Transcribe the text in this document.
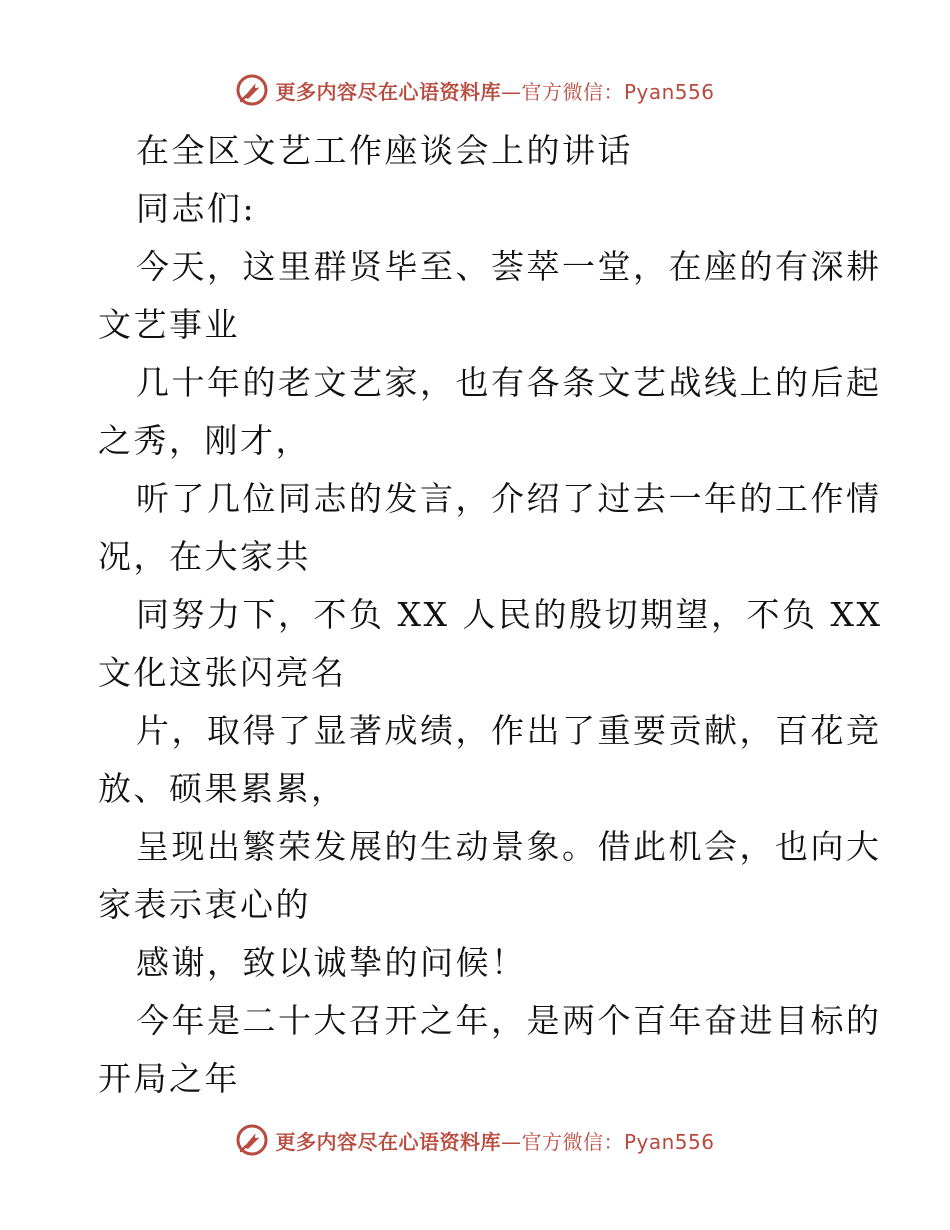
更多内容尽在心语资料库 —官方微信：Pyan556

在全区文艺工作座谈会上的讲话

同志们:

今天，这里群贤毕至、荟萃一堂，在座的有深耕
文艺事业

几十年的老文艺家，也有各条文艺战线上的后起
之秀，刚才，

听了几位同志的发言，介绍了过去一年的工作情
况，在大家共

同努力下，不负 XX 人民的殷切期望，不负 XX
文化这张闪亮名

片，取得了显著成绩，作出了重要贡献，百花竞
放、硕果累累，

呈现出繁荣发展的生动景象。借此机会，也向大
家表示衷心的

感谢，致以诚挚的问候！

今年是二十大召开之年，是两个百年奋进目标的
开局之年

更多内容尽在心语资料库 —官方微信：Pyan556
